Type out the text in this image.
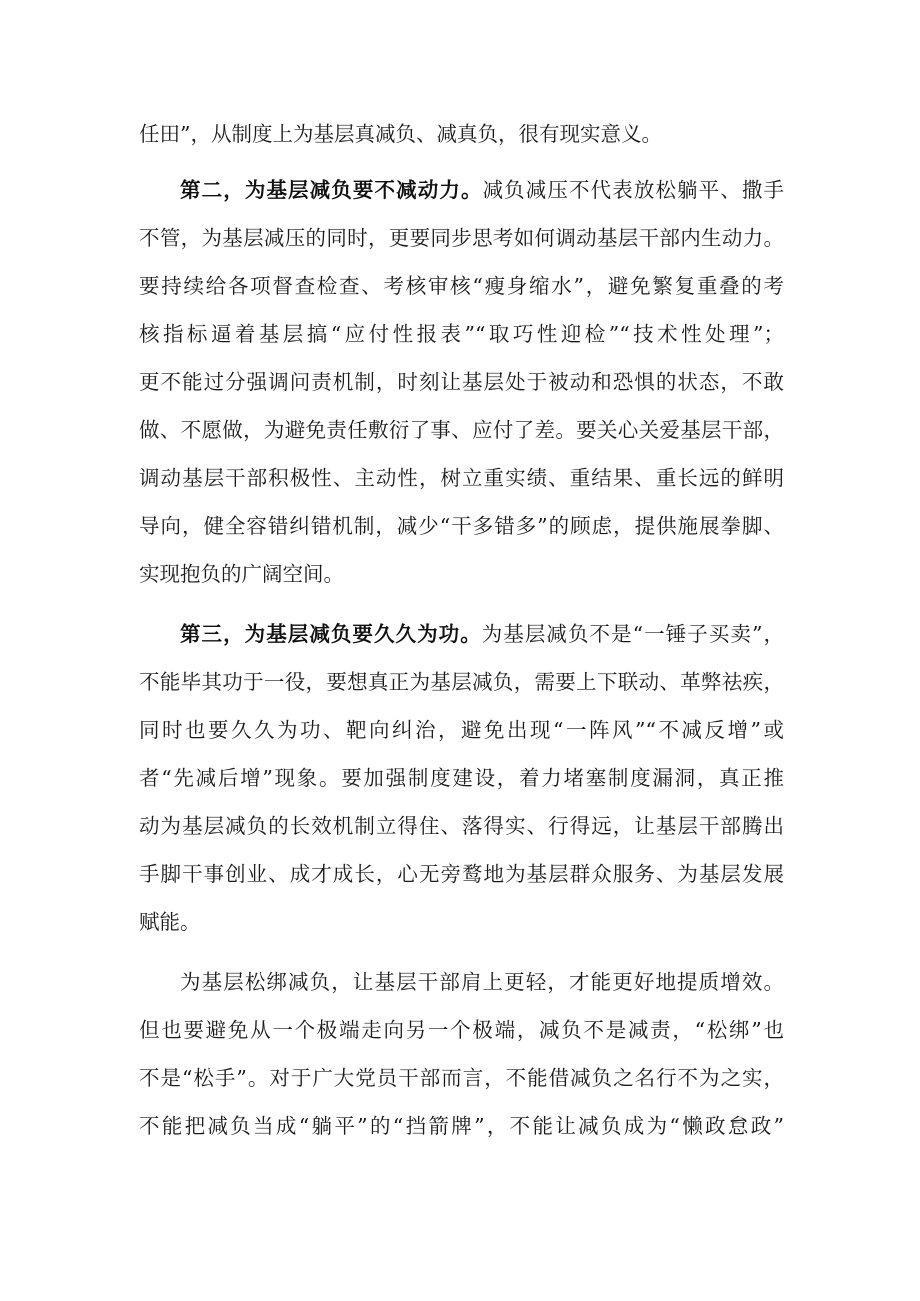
任田”，从制度上为基层真减负、减真负，很有现实意义。
第二，为基层减负要不减动力。减负减压不代表放松躺平、撒手
不管，为基层减压的同时，更要同步思考如何调动基层干部内生动力。
要持续给各项督查检查、考核审核“瘦身缩水”，避免繁复重叠的考
核指标逼着基层搞“应付性报表”“取巧性迎检”“技术性处理”；
更不能过分强调问责机制，时刻让基层处于被动和恐惧的状态，不敢
做、不愿做，为避免责任敷衍了事、应付了差。要关心关爱基层干部，
调动基层干部积极性、主动性，树立重实绩、重结果、重长远的鲜明
导向，健全容错纠错机制，减少“干多错多”的顾虑，提供施展拳脚、
实现抱负的广阔空间。
第三，为基层减负要久久为功。为基层减负不是“一锤子买卖”，
不能毕其功于一役，要想真正为基层减负，需要上下联动、革弊祛疾，
同时也要久久为功、靶向纠治，避免出现“一阵风”“不减反增”或
者“先减后增”现象。要加强制度建设，着力堵塞制度漏洞，真正推
动为基层减负的长效机制立得住、落得实、行得远，让基层干部腾出
手脚干事创业、成才成长，心无旁鹜地为基层群众服务、为基层发展
赋能。
为基层松绑减负，让基层干部肩上更轻，才能更好地提质增效。
但也要避免从一个极端走向另一个极端，减负不是减责，“松绑”也
不是“松手”。对于广大党员干部而言，不能借减负之名行不为之实，
不能把减负当成“躺平”的“挡箭牌”，不能让减负成为“懒政怠政”
